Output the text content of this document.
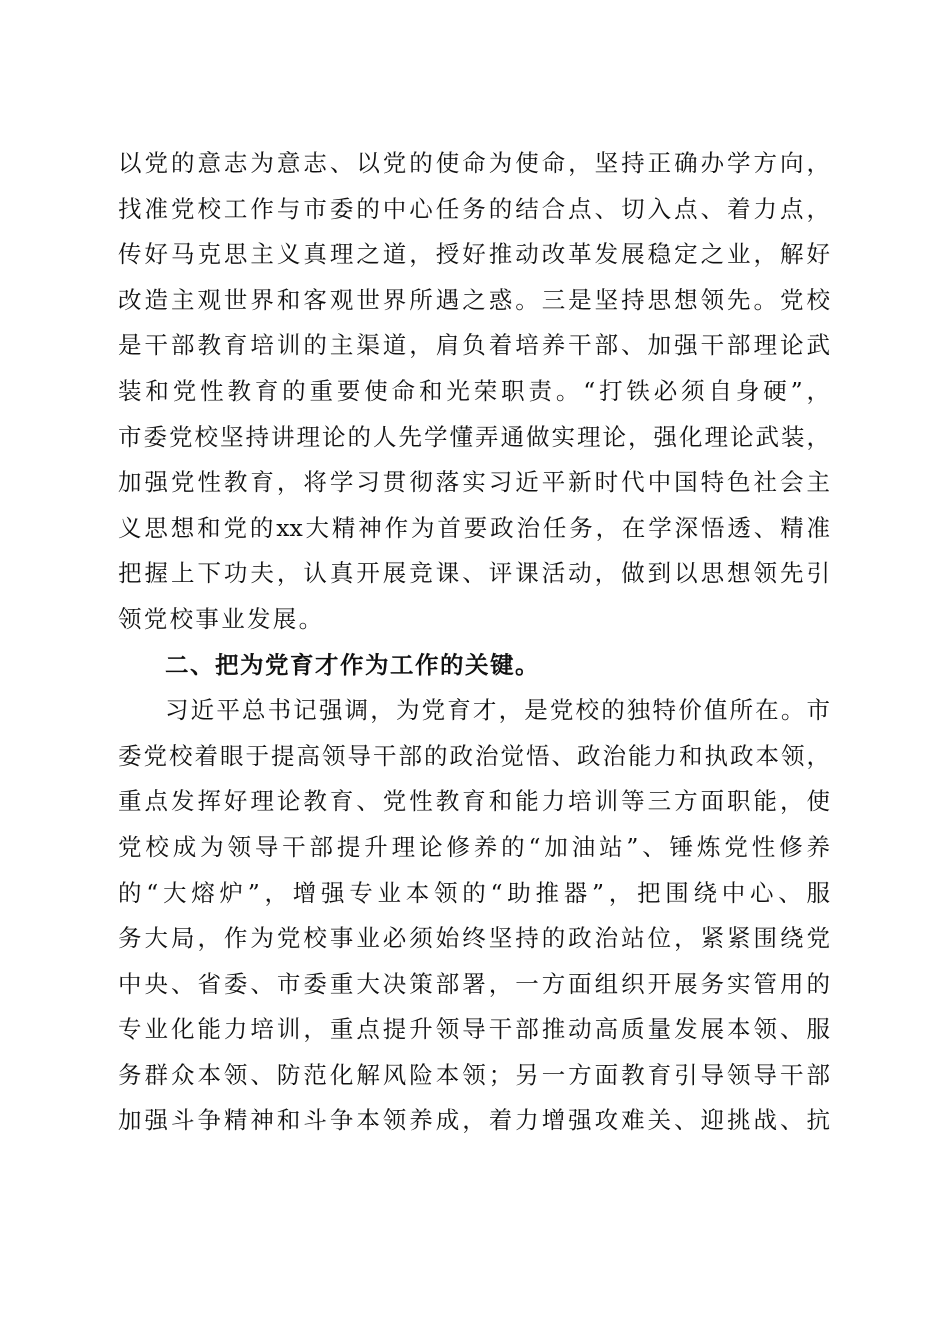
以党的意志为意志、以党的使命为使命，坚持正确办学方向，
找准党校工作与市委的中心任务的结合点、切入点、着力点，
传好马克思主义真理之道，授好推动改革发展稳定之业，解好
改造主观世界和客观世界所遇之惑。三是坚持思想领先。党校
是干部教育培训的主渠道，肩负着培养干部、加强干部理论武
装和党性教育的重要使命和光荣职责。“打铁必须自身硬”，
市委党校坚持讲理论的人先学懂弄通做实理论，强化理论武装，
加强党性教育，将学习贯彻落实习近平新时代中国特色社会主
义思想和党的xx大精神作为首要政治任务，在学深悟透、精准
把握上下功夫，认真开展竞课、评课活动，做到以思想领先引
领党校事业发展。
二、把为党育才作为工作的关键。
习近平总书记强调，为党育才，是党校的独特价值所在。市
委党校着眼于提高领导干部的政治觉悟、政治能力和执政本领，
重点发挥好理论教育、党性教育和能力培训等三方面职能，使
党校成为领导干部提升理论修养的“加油站”、锤炼党性修养
的“大熔炉”，增强专业本领的“助推器”，把围绕中心、服
务大局，作为党校事业必须始终坚持的政治站位，紧紧围绕党
中央、省委、市委重大决策部署，一方面组织开展务实管用的
专业化能力培训，重点提升领导干部推动高质量发展本领、服
务群众本领、防范化解风险本领；另一方面教育引导领导干部
加强斗争精神和斗争本领养成，着力增强攻难关、迎挑战、抗
